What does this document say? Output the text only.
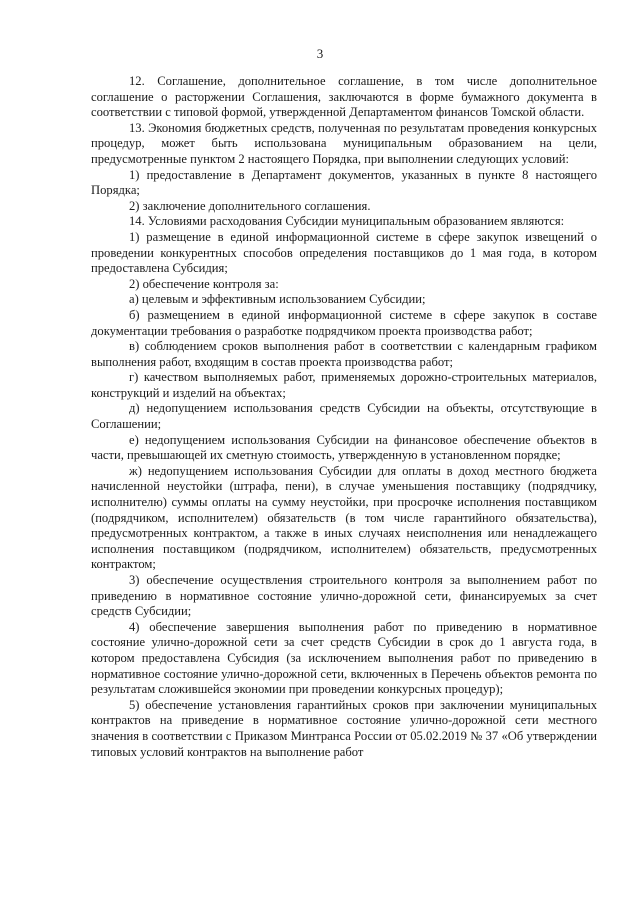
3

12. Соглашение, дополнительное соглашение, в том числе дополнительное соглашение о расторжении Соглашения, заключаются в форме бумажного документа в соответствии с типовой формой, утвержденной Департаментом финансов Томской области.

13. Экономия бюджетных средств, полученная по результатам проведения конкурсных процедур, может быть использована муниципальным образованием на цели, предусмотренные пунктом 2 настоящего Порядка, при выполнении следующих условий:

1) предоставление в Департамент документов, указанных в пункте 8 настоящего Порядка;

2) заключение дополнительного соглашения.

14. Условиями расходования Субсидии муниципальным образованием являются:

1) размещение в единой информационной системе в сфере закупок извещений о проведении конкурентных способов определения поставщиков до 1 мая года, в котором предоставлена Субсидия;

2) обеспечение контроля за:

а) целевым и эффективным использованием Субсидии;

б) размещением в единой информационной системе в сфере закупок в составе документации требования о разработке подрядчиком проекта производства работ;

в) соблюдением сроков выполнения работ в соответствии с календарным графиком выполнения работ, входящим в состав проекта производства работ;

г) качеством выполняемых работ, применяемых дорожно-строительных материалов, конструкций и изделий на объектах;

д) недопущением использования средств Субсидии на объекты, отсутствующие в Соглашении;

е) недопущением использования Субсидии на финансовое обеспечение объектов в части, превышающей их сметную стоимость, утвержденную в установленном порядке;

ж) недопущением использования Субсидии для оплаты в доход местного бюджета начисленной неустойки (штрафа, пени), в случае уменьшения поставщику (подрядчику, исполнителю) суммы оплаты на сумму неустойки, при просрочке исполнения поставщиком (подрядчиком, исполнителем) обязательств (в том числе гарантийного обязательства), предусмотренных контрактом, а также в иных случаях неисполнения или ненадлежащего исполнения поставщиком (подрядчиком, исполнителем) обязательств, предусмотренных контрактом;

3) обеспечение осуществления строительного контроля за выполнением работ по приведению в нормативное состояние улично-дорожной сети, финансируемых за счет средств Субсидии;

4) обеспечение завершения выполнения работ по приведению в нормативное состояние улично-дорожной сети за счет средств Субсидии в срок до 1 августа года, в котором предоставлена Субсидия (за исключением выполнения работ по приведению в нормативное состояние улично-дорожной сети, включенных в Перечень объектов ремонта по результатам сложившейся экономии при проведении конкурсных процедур);

5) обеспечение установления гарантийных сроков при заключении муниципальных контрактов на приведение в нормативное состояние улично-дорожной сети местного значения в соответствии с Приказом Минтранса России от 05.02.2019 № 37 «Об утверждении типовых условий контрактов на выполнение работ
